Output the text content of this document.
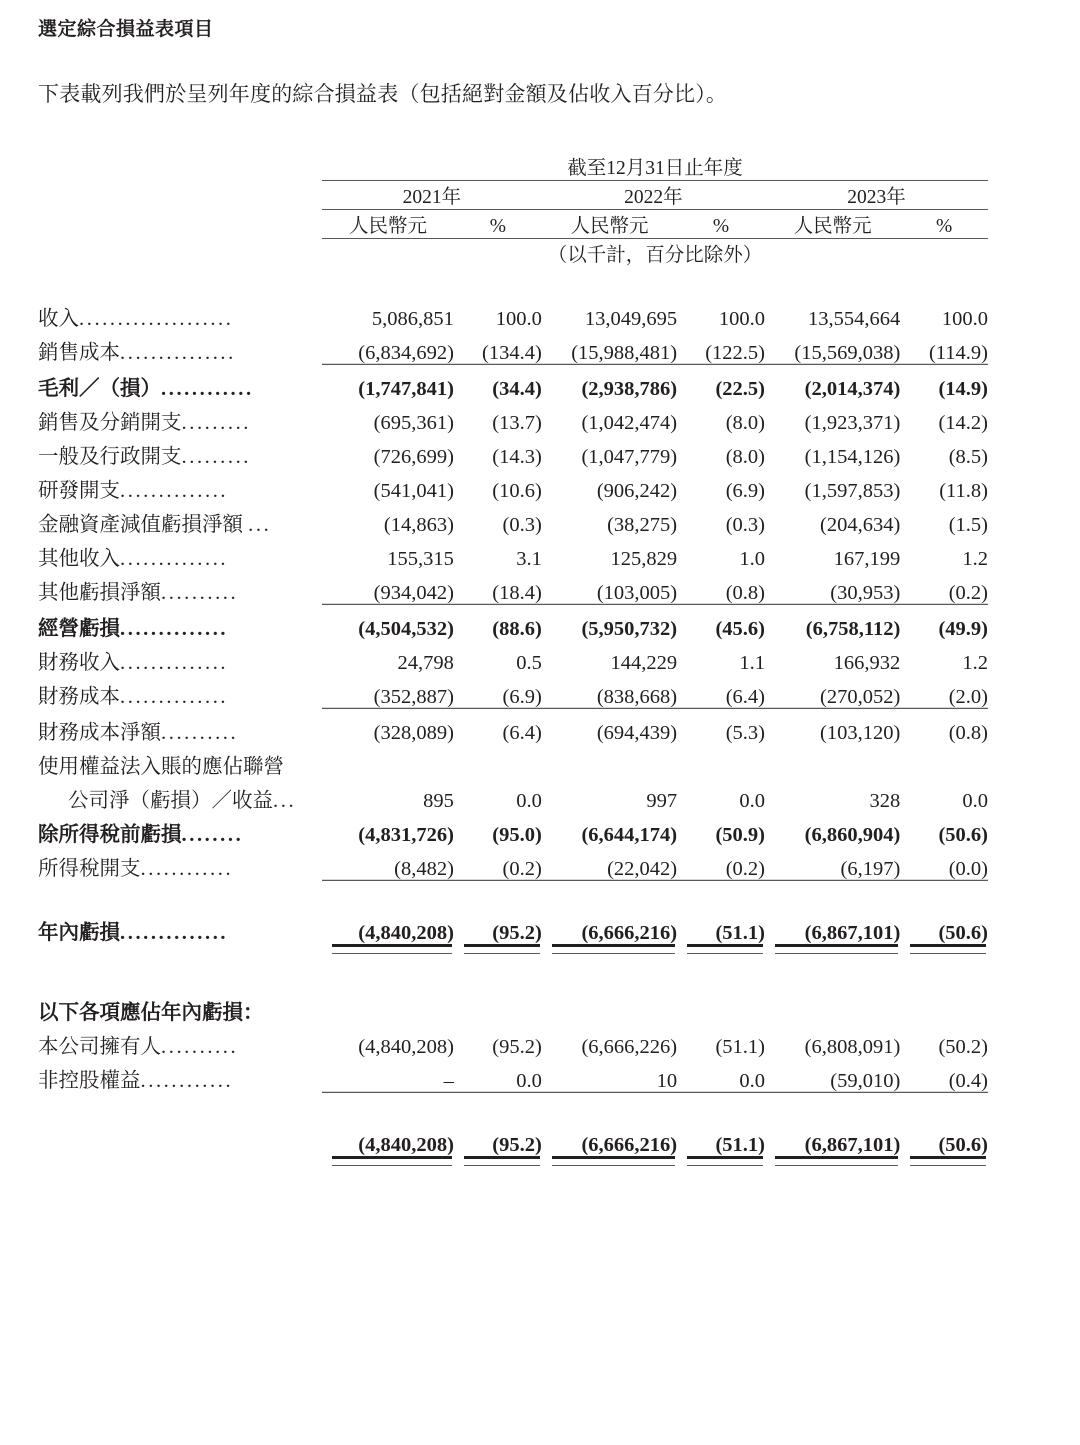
選定綜合損益表項目
下表載列我們於呈列年度的綜合損益表（包括絕對金額及佔收入百分比）。
		截至12月31日止年度					
		2021年		2022年		2023年	
		人民幣元	%	人民幣元	%	人民幣元	%
		（以千計，百分比除外）					

收入....................		5,086,851	100.0	13,049,695	100.0	13,554,664	100.0
銷售成本...............		(6,834,692)	(134.4)	(15,988,481)	(122.5)	(15,569,038)	(114.9)
毛利／（損）............		(1,747,841)	(34.4)	(2,938,786)	(22.5)	(2,014,374)	(14.9)
銷售及分銷開支.........		(695,361)	(13.7)	(1,042,474)	(8.0)	(1,923,371)	(14.2)
一般及行政開支.........		(726,699)	(14.3)	(1,047,779)	(8.0)	(1,154,126)	(8.5)
研發開支..............		(541,041)	(10.6)	(906,242)	(6.9)	(1,597,853)	(11.8)
金融資產減值虧損淨額 ...		(14,863)	(0.3)	(38,275)	(0.3)	(204,634)	(1.5)
其他收入..............		155,315	3.1	125,829	1.0	167,199	1.2
其他虧損淨額..........		(934,042)	(18.4)	(103,005)	(0.8)	(30,953)	(0.2)
經營虧損..............		(4,504,532)	(88.6)	(5,950,732)	(45.6)	(6,758,112)	(49.9)
財務收入..............		24,798	0.5	144,229	1.1	166,932	1.2
財務成本..............		(352,887)	(6.9)	(838,668)	(6.4)	(270,052)	(2.0)
財務成本淨額..........		(328,089)	(6.4)	(694,439)	(5.3)	(103,120)	(0.8)
使用權益法入賬的應佔聯營							
公司淨（虧損）／收益...		895	0.0	997	0.0	328	0.0
除所得稅前虧損........		(4,831,726)	(95.0)	(6,644,174)	(50.9)	(6,860,904)	(50.6)
所得稅開支............		(8,482)	(0.2)	(22,042)	(0.2)	(6,197)	(0.0)

年內虧損..............		(4,840,208)	(95.2)	(6,666,216)	(51.1)	(6,867,101)	(50.6)

以下各項應佔年內虧損：							
本公司擁有人..........		(4,840,208)	(95.2)	(6,666,226)	(51.1)	(6,808,091)	(50.2)
非控股權益............		–	0.0	10	0.0	(59,010)	(0.4)

		(4,840,208)	(95.2)	(6,666,216)	(51.1)	(6,867,101)	(50.6)
